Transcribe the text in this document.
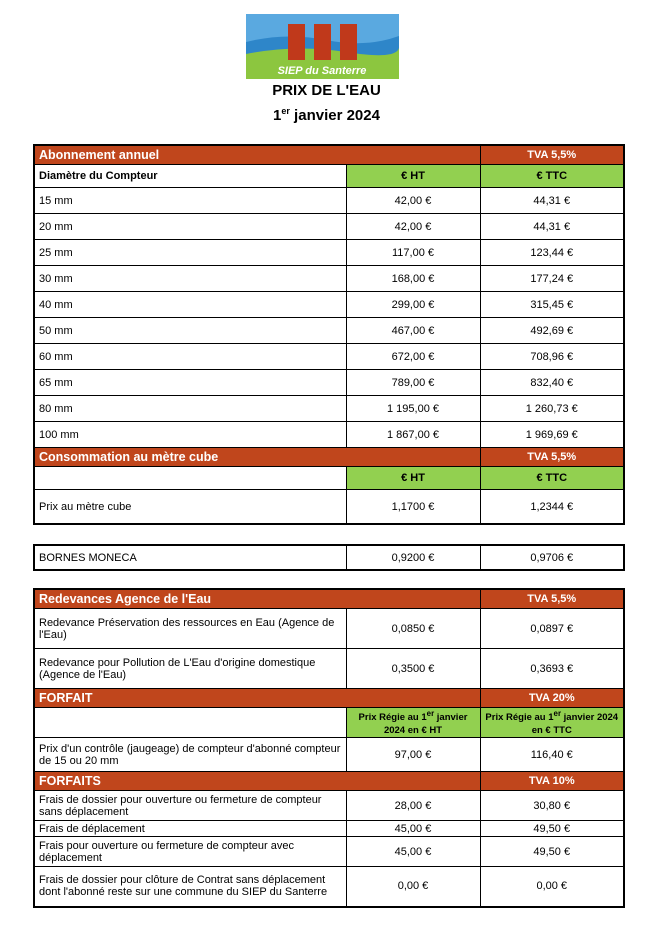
SIEP du Santerre
PRIX DE L'EAU
1er janvier 2024
Abonnement annuel		TVA 5,5%
Diamètre du Compteur	€ HT	€ TTC
15 mm	42,00 €	44,31 €
20 mm	42,00 €	44,31 €
25 mm	117,00 €	123,44 €
30 mm	168,00 €	177,24 €
40 mm	299,00 €	315,45 €
50 mm	467,00 €	492,69 €
60 mm	672,00 €	708,96 €
65 mm	789,00 €	832,40 €
80 mm	1 195,00 €	1 260,73 €
100 mm	1 867,00 €	1 969,69 €
Consommation au mètre cube		TVA 5,5%
	€ HT	€ TTC
Prix au mètre cube	1,1700 €	1,2344 €
BORNES MONECA	0,9200 €	0,9706 €
Redevances Agence de l'Eau		TVA 5,5%
Redevance Préservation des ressources en Eau (Agence de l'Eau)	0,0850 €	0,0897 €
Redevance pour Pollution de L'Eau d'origine domestique (Agence de l'Eau)	0,3500 €	0,3693 €
FORFAIT		TVA 20%
	Prix Régie au 1er janvier 2024 en € HT	Prix Régie au 1er janvier 2024 en € TTC
Prix d'un contrôle (jaugeage) de compteur d'abonné compteur de 15 ou 20 mm	97,00 €	116,40 €
FORFAITS		TVA 10%
Frais de dossier pour ouverture ou fermeture de compteur sans déplacement	28,00 €	30,80 €
Frais de déplacement	45,00 €	49,50 €
Frais pour ouverture ou fermeture de compteur avec déplacement	45,00 €	49,50 €
Frais de dossier pour clôture de Contrat sans déplacement dont l'abonné reste sur une commune du SIEP du Santerre	0,00 €	0,00 €
